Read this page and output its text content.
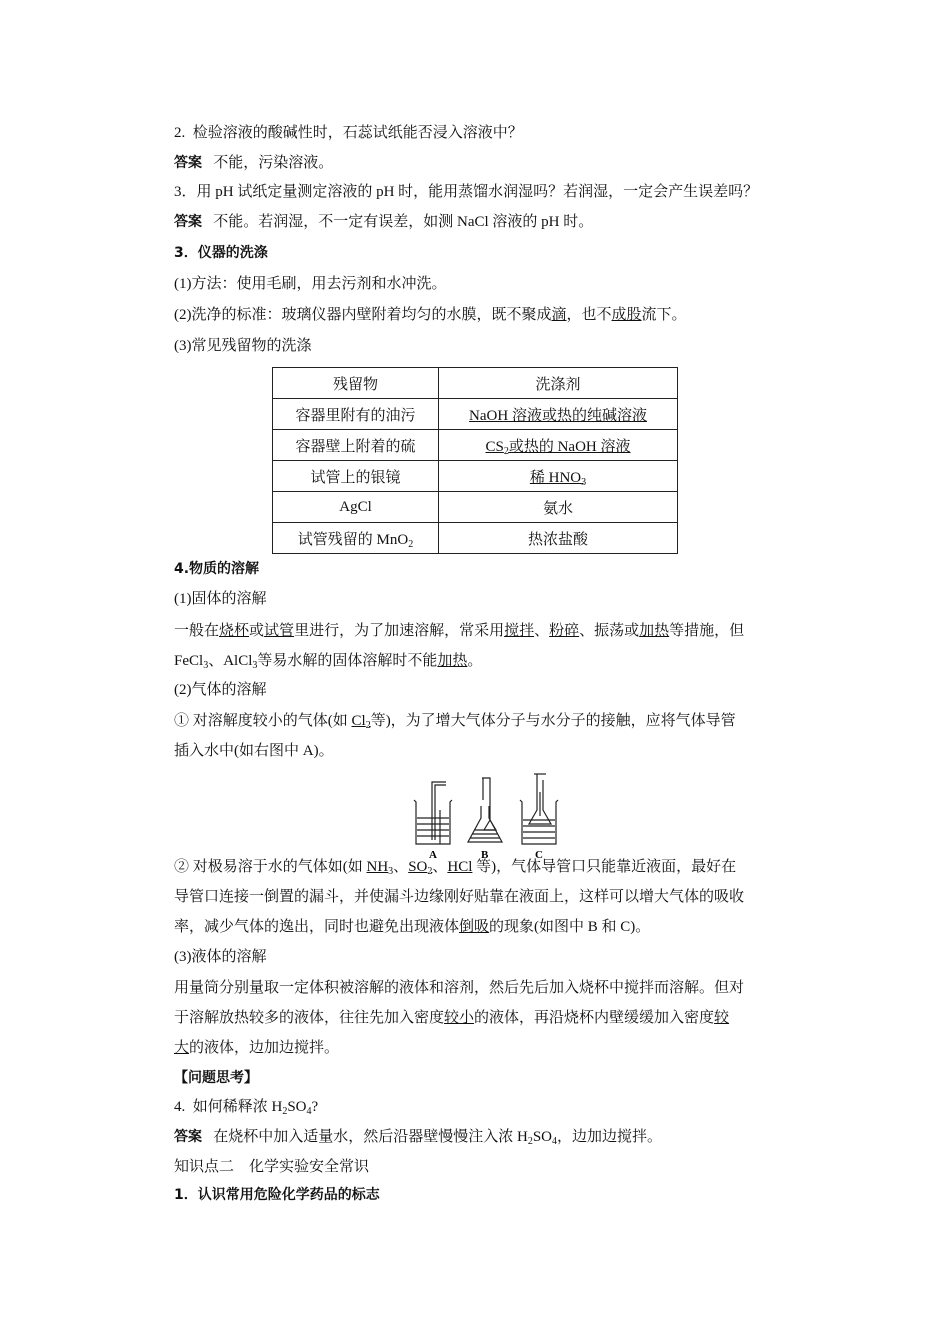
2. 检验溶液的酸碱性时，石蕊试纸能否浸入溶液中？
答案 不能，污染溶液。
3．用 pH 试纸定量测定溶液的 pH 时，能用蒸馏水润湿吗？若润湿，一定会产生误差吗？
答案 不能。若润湿，不一定有误差，如测 NaCl 溶液的 pH 时。
3．仪器的洗涤
(1)方法：使用毛刷，用去污剂和水冲洗。
(2)洗净的标准：玻璃仪器内壁附着均匀的水膜，既不聚成滴，也不成股流下。
(3)常见残留物的洗涤
残留物	洗涤剂
容器里附有的油污	NaOH 溶液或热的纯碱溶液
容器壁上附着的硫	$CS_2$或热的 NaOH 溶液
试管上的银镜	稀 $HNO_3$
AgCl	氨水
试管残留的 MnO$_2$	热浓盐酸
4.物质的溶解
(1)固体的溶解
一般在烧杯或试管里进行，为了加速溶解，常采用搅拌、粉碎、振荡或加热等措施，但
FeCl$_3$、AlCl$_3$等易水解的固体溶解时不能加热。
(2)气体的溶解
① 对溶解度较小的气体(如 $Cl_2$等)，为了增大气体分子与水分子的接触，应将气体导管
插入水中(如右图中 A)。
A	B	C
② 对极易溶于水的气体如(如 $NH_3$、$SO_2$、HCl 等)，气体导管口只能靠近液面，最好在
导管口连接一倒置的漏斗，并使漏斗边缘刚好贴靠在液面上，这样可以增大气体的吸收
率，减少气体的逸出，同时也避免出现液体倒吸的现象(如图中 B 和 C)。
(3)液体的溶解
用量筒分别量取一定体积被溶解的液体和溶剂，然后先后加入烧杯中搅拌而溶解。但对
于溶解放热较多的液体，往往先加入密度较小的液体，再沿烧杯内壁缓缓加入密度较
大的液体，边加边搅拌。
【问题思考】
4. 如何稀释浓 $H_2SO_4$?
答案 在烧杯中加入适量水，然后沿器壁慢慢注入浓 $H_2SO_4$，边加边搅拌。
知识点二　化学实验安全常识
1．认识常用危险化学药品的标志
